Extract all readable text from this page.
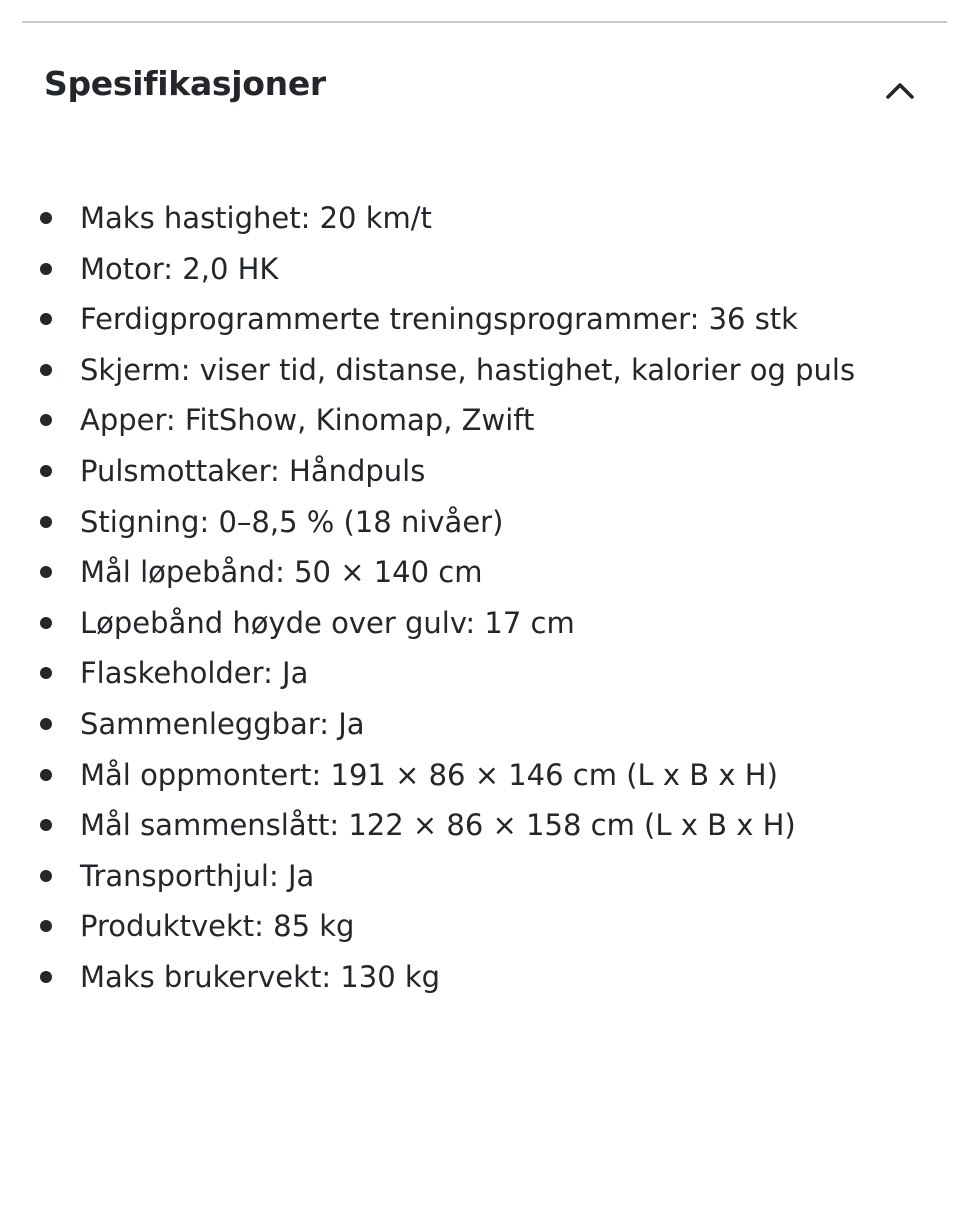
Spesifikasjoner
Maks hastighet: 20 km/t
Motor: 2,0 HK
Ferdigprogrammerte treningsprogrammer: 36 stk
Skjerm: viser tid, distanse, hastighet, kalorier og puls
Apper: FitShow, Kinomap, Zwift
Pulsmottaker: Håndpuls
Stigning: 0–8,5 % (18 nivåer)
Mål løpebånd: 50 × 140 cm
Løpebånd høyde over gulv: 17 cm
Flaskeholder: Ja
Sammenleggbar: Ja
Mål oppmontert: 191 × 86 × 146 cm (L x B x H)
Mål sammenslått: 122 × 86 × 158 cm (L x B x H)
Transporthjul: Ja
Produktvekt: 85 kg
Maks brukervekt: 130 kg
